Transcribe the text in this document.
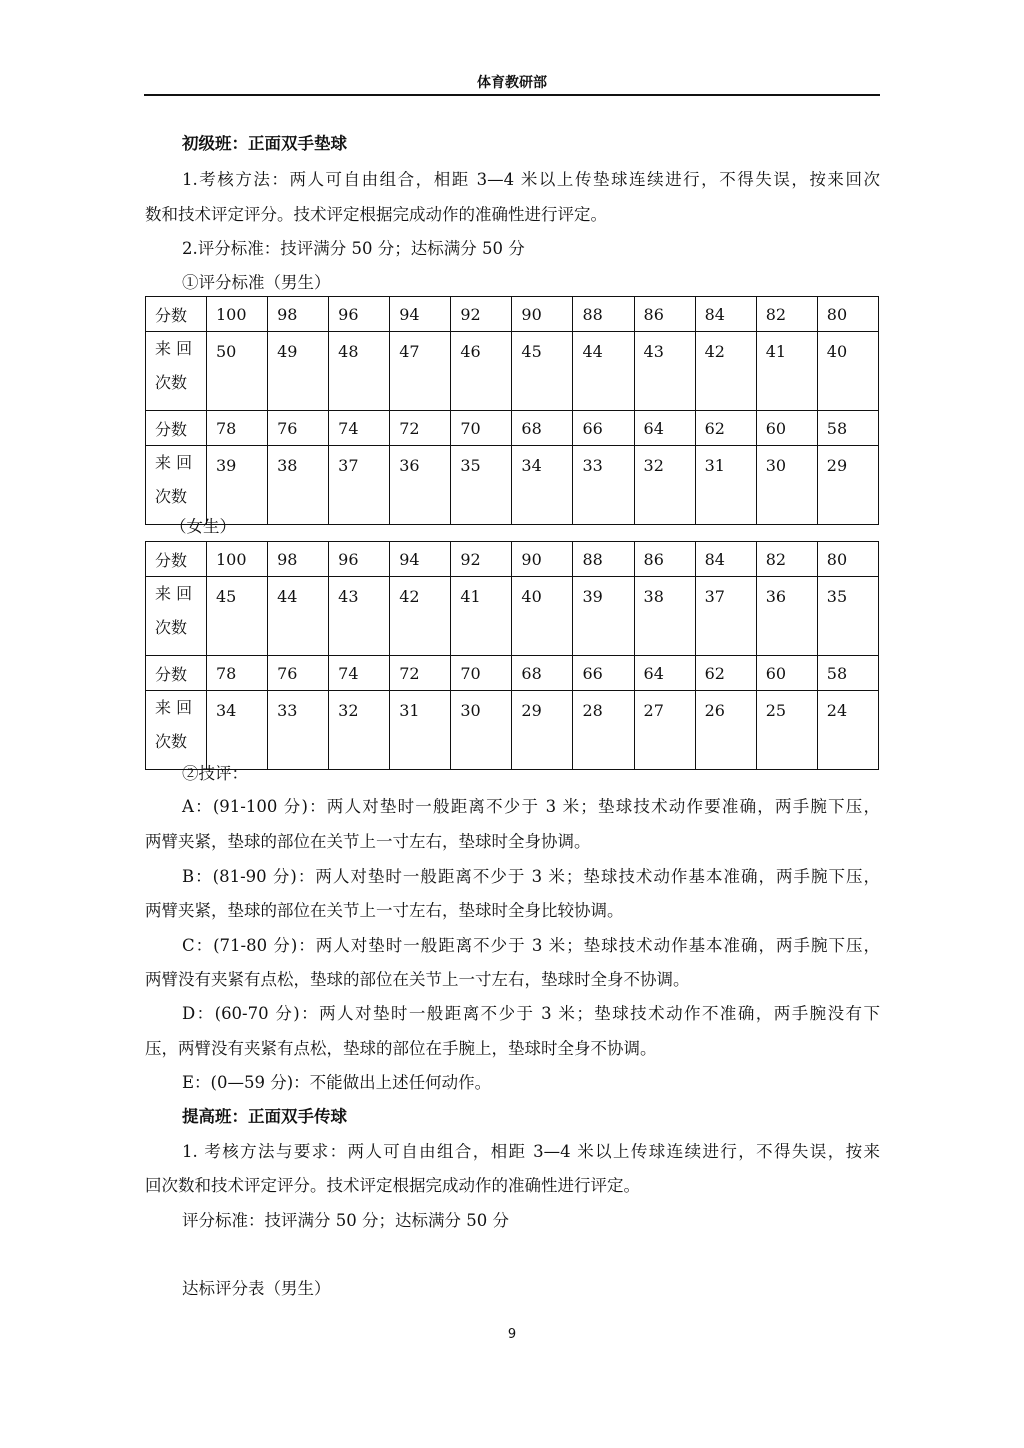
体育教研部
初级班：正面双手垫球
1.考核方法：两人可自由组合，相距 3—4 米以上传垫球连续进行，不得失误，按来回次
数和技术评定评分。技术评定根据完成动作的准确性进行评定。
2.评分标准：技评满分 50 分；达标满分 50 分
①评分标准（男生）
分数	100	98	96	94	92	90	88	86	84	82	80

来 回
次数	50	49	48	47	46	45	44	43	42	41	40
分数	78	76	74	72	70	68	66	64	62	60	58

来 回
次数	39	38	37	36	35	34	33	32	31	30	29
（女生）
分数	100	98	96	94	92	90	88	86	84	82	80

来 回
次数	45	44	43	42	41	40	39	38	37	36	35
分数	78	76	74	72	70	68	66	64	62	60	58

来 回
次数	34	33	32	31	30	29	28	27	26	25	24
②技评：
A：(91-100 分)：两人对垫时一般距离不少于 3 米；垫球技术动作要准确，两手腕下压，
两臂夹紧，垫球的部位在关节上一寸左右，垫球时全身协调。
B：(81-90 分)：两人对垫时一般距离不少于 3 米；垫球技术动作基本准确，两手腕下压，
两臂夹紧，垫球的部位在关节上一寸左右，垫球时全身比较协调。
C：(71-80 分)：两人对垫时一般距离不少于 3 米；垫球技术动作基本准确，两手腕下压，
两臂没有夹紧有点松，垫球的部位在关节上一寸左右，垫球时全身不协调。
D：(60-70 分)：两人对垫时一般距离不少于 3 米；垫球技术动作不准确，两手腕没有下
压，两臂没有夹紧有点松，垫球的部位在手腕上，垫球时全身不协调。
E：(0—59 分)：不能做出上述任何动作。
提高班：正面双手传球
1. 考核方法与要求：两人可自由组合，相距 3—4 米以上传球连续进行，不得失误，按来
回次数和技术评定评分。技术评定根据完成动作的准确性进行评定。
评分标准：技评满分 50 分；达标满分 50 分
达标评分表（男生）
9
